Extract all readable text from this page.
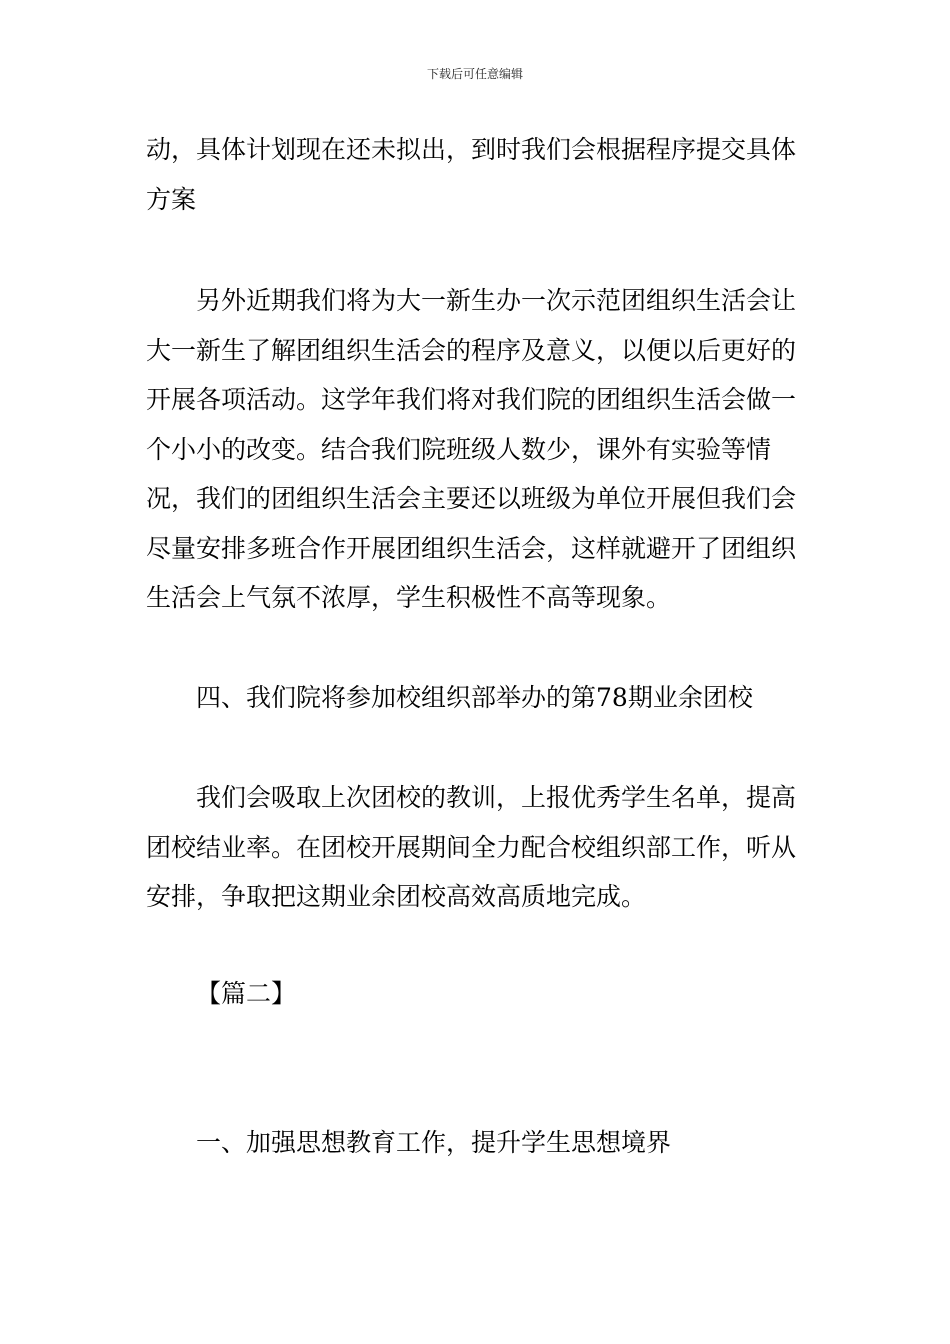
下载后可任意编辑

动，具体计划现在还未拟出，到时我们会根据程序提交具体方案

另外近期我们将为大一新生办一次示范团组织生活会让大一新生了解团组织生活会的程序及意义，以便以后更好的开展各项活动。这学年我们将对我们院的团组织生活会做一个小小的改变。结合我们院班级人数少，课外有实验等情况，我们的团组织生活会主要还以班级为单位开展但我们会尽量安排多班合作开展团组织生活会，这样就避开了团组织生活会上气氛不浓厚，学生积极性不高等现象。

四、我们院将参加校组织部举办的第78期业余团校

我们会吸取上次团校的教训，上报优秀学生名单，提高团校结业率。在团校开展期间全力配合校组织部工作，听从安排，争取把这期业余团校高效高质地完成。

【篇二】

一、加强思想教育工作，提升学生思想境界
